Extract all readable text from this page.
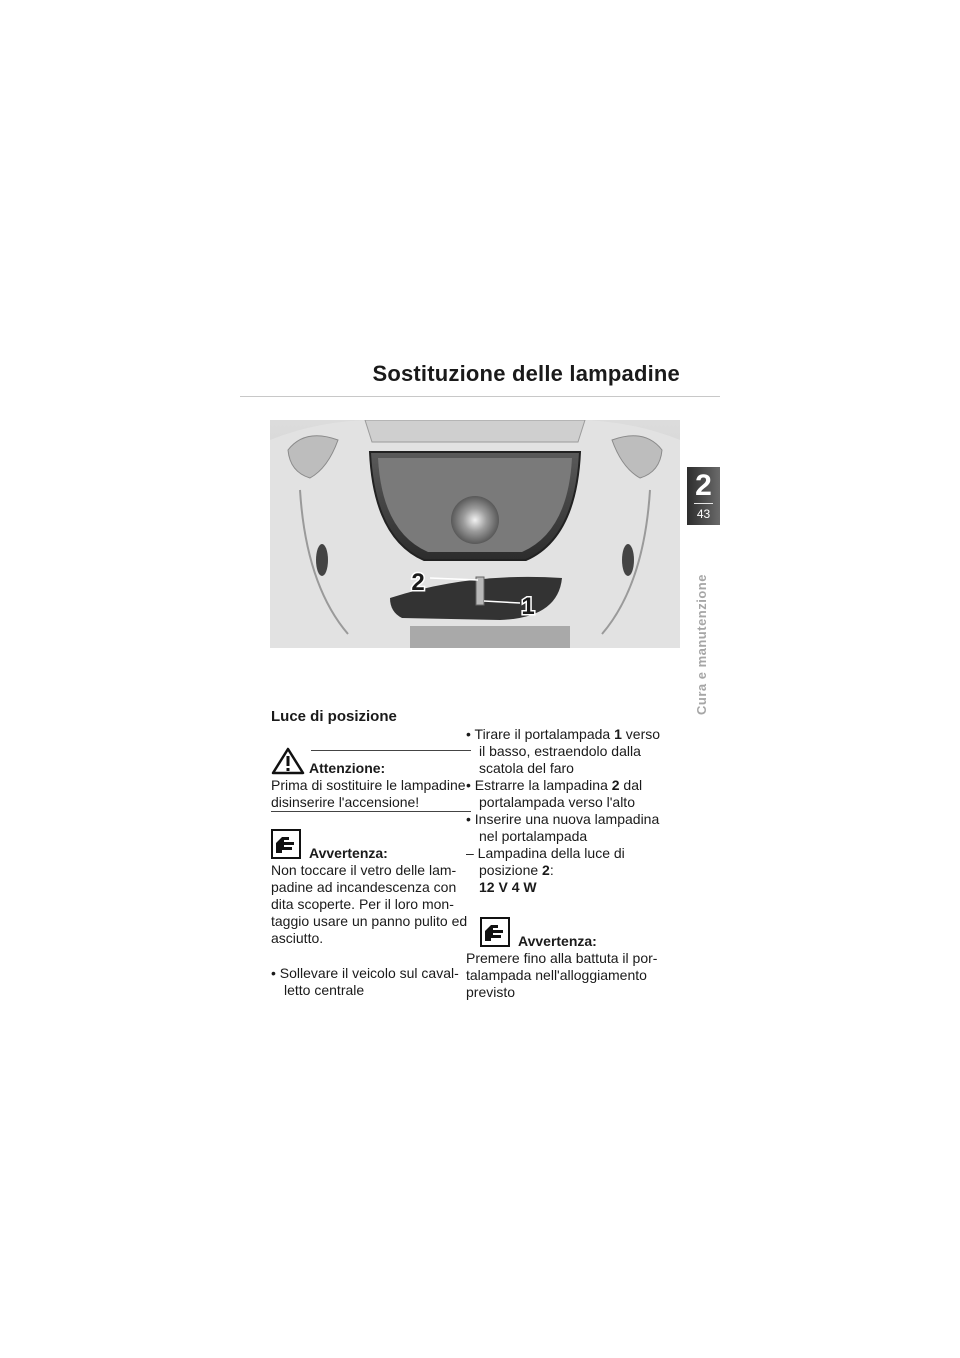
Sostituzione delle lampadine
2
43
Cura e manutenzione
2
1
Luce di posizione
Attenzione:
Prima di sostituire le lampadine
disinserire l'accensione!
Avvertenza:
Non toccare il vetro delle lam-
padine ad incandescenza con
dita scoperte. Per il loro mon-
taggio usare un panno pulito ed
asciutto.
• Sollevare il veicolo sul caval-
letto centrale
• Tirare il portalampada 1 verso
il basso, estraendolo dalla
scatola del faro
• Estrarre la lampadina 2 dal
portalampada verso l'alto
• Inserire una nuova lampadina
nel portalampada
– Lampadina della luce di
posizione 2:
12 V 4 W
Avvertenza:
Premere fino alla battuta il por-
talampada nell'alloggiamento
previsto
